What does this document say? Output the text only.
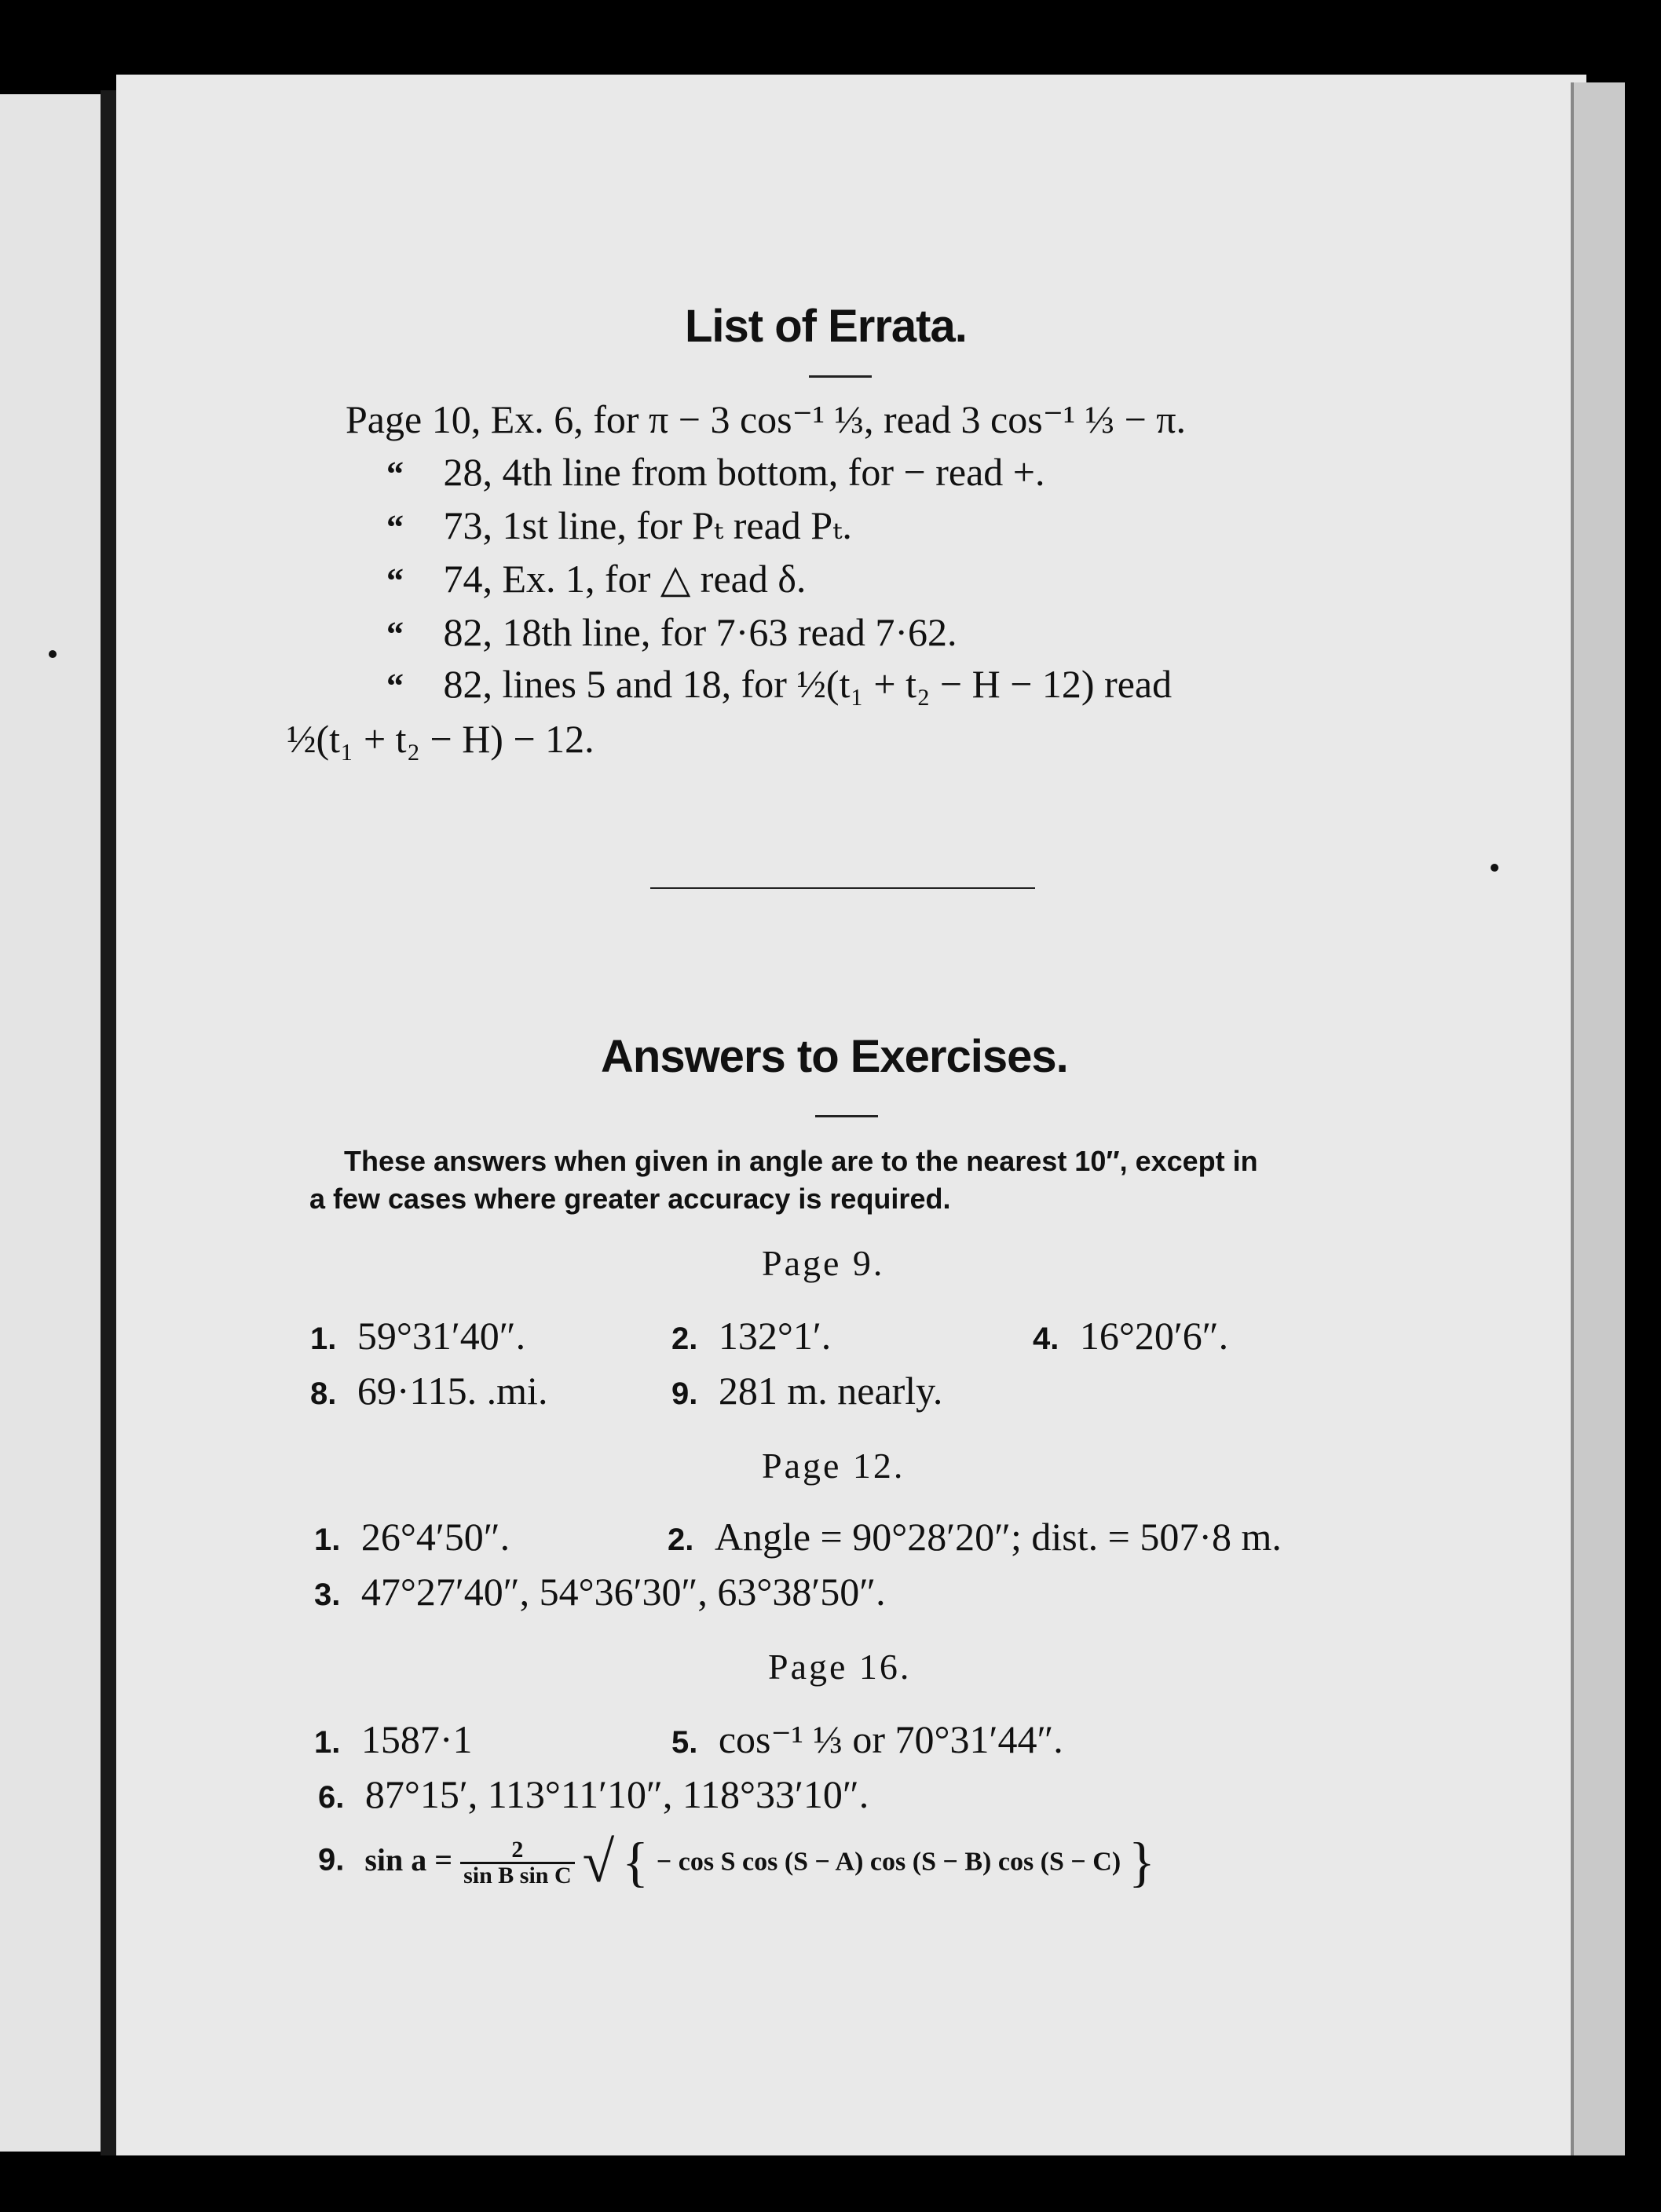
List of Errata.
Page 10, Ex. 6, for π − 3 cos⁻¹ ⅓, read 3 cos⁻¹ ⅓ − π.
“ 28, 4th line from bottom, for − read +.
“ 73, 1st line, for Pₜ read Pₜ.
“ 74, Ex. 1, for △ read δ.
“ 82, 18th line, for 7·63 read 7·62.
“ 82, lines 5 and 18, for ½(t₁ + t₂ − H − 12) read
½(t₁ + t₂ − H) − 12.
Answers to Exercises.
These answers when given in angle are to the nearest 10″, except in
a few cases where greater accuracy is required.
Page 9.
1. 59°31′40″.	2. 132°1′.	4. 16°20′6″.
8. 69·115. .mi.	9. 281 m. nearly.
Page 12.
1. 26°4′50″.	2. Angle = 90°28′20″; dist. = 507·8 m.
3. 47°27′40″, 54°36′30″, 63°38′50″.
Page 16.
1. 1587·1	5. cos⁻¹ ⅓ or 70°31′44″.
6. 87°15′, 113°11′10″, 118°33′10″.
9. $\sin a = \frac{2}{\text{sin B sin C}}$ √ { − cos S cos (S − A) cos (S − B) cos (S − C) }
